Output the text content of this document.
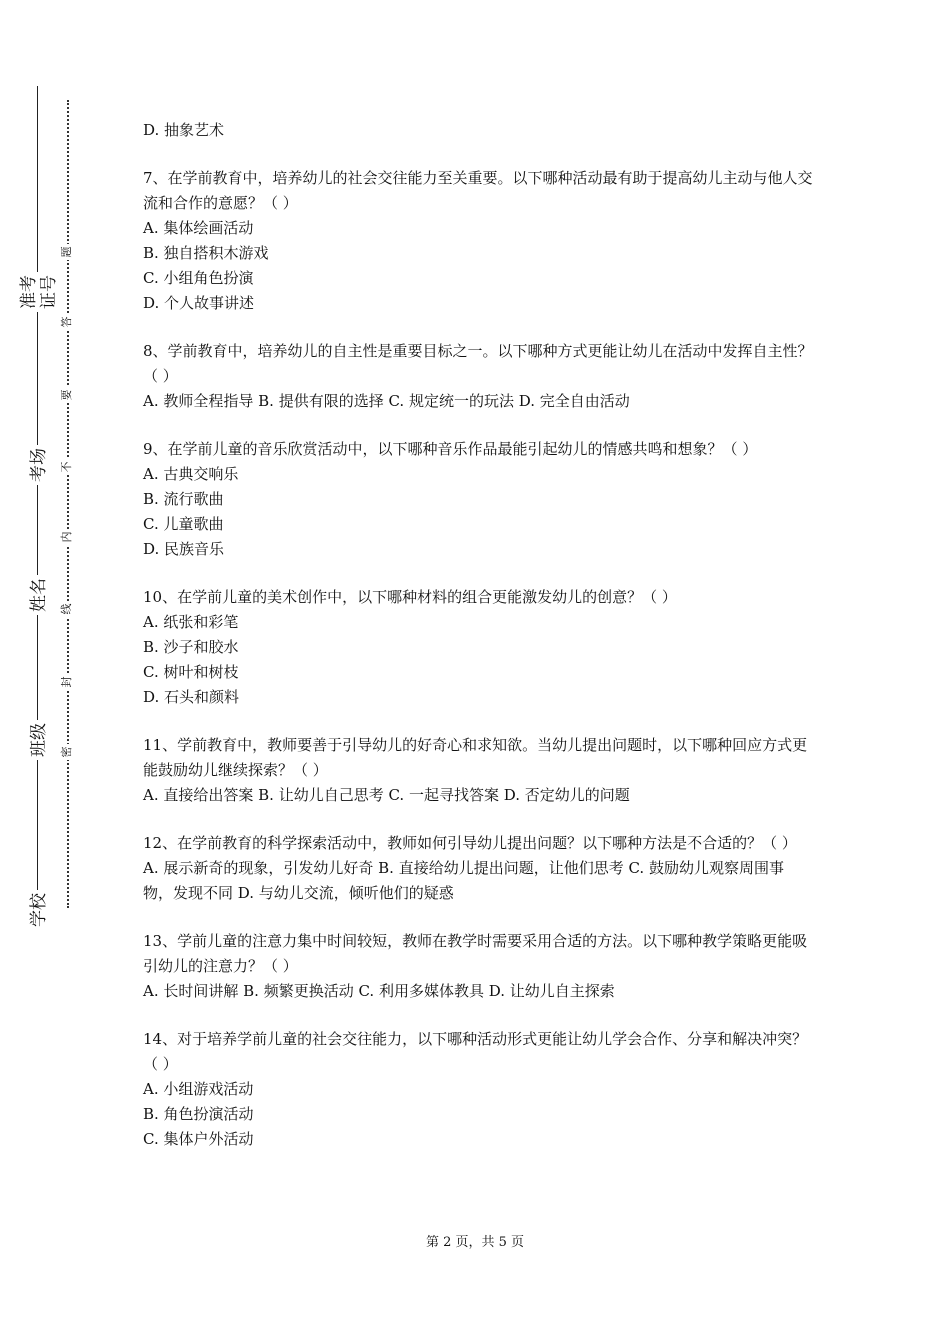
准考证号
考场
姓名
班级
学校
题
答
要
不
内
线
封
密

D. 抽象艺术

7、在学前教育中，培养幼儿的社会交往能力至关重要。以下哪种活动最有助于提高幼儿主动与他人交流和合作的意愿？（ ）

A. 集体绘画活动

B. 独自搭积木游戏

C. 小组角色扮演

D. 个人故事讲述

8、学前教育中，培养幼儿的自主性是重要目标之一。以下哪种方式更能让幼儿在活动中发挥自主性？（ ）

A. 教师全程指导 B. 提供有限的选择 C. 规定统一的玩法 D. 完全自由活动

9、在学前儿童的音乐欣赏活动中，以下哪种音乐作品最能引起幼儿的情感共鸣和想象？（ ）

A. 古典交响乐

B. 流行歌曲

C. 儿童歌曲

D. 民族音乐

10、在学前儿童的美术创作中，以下哪种材料的组合更能激发幼儿的创意？（ ）

A. 纸张和彩笔

B. 沙子和胶水

C. 树叶和树枝

D. 石头和颜料

11、学前教育中，教师要善于引导幼儿的好奇心和求知欲。当幼儿提出问题时，以下哪种回应方式更能鼓励幼儿继续探索？（ ）

A. 直接给出答案 B. 让幼儿自己思考 C. 一起寻找答案 D. 否定幼儿的问题

12、在学前教育的科学探索活动中，教师如何引导幼儿提出问题？以下哪种方法是不合适的？（ ）

A. 展示新奇的现象，引发幼儿好奇 B. 直接给幼儿提出问题，让他们思考 C. 鼓励幼儿观察周围事物，发现不同 D. 与幼儿交流，倾听他们的疑惑

13、学前儿童的注意力集中时间较短，教师在教学时需要采用合适的方法。以下哪种教学策略更能吸引幼儿的注意力？（ ）

A. 长时间讲解 B. 频繁更换活动 C. 利用多媒体教具 D. 让幼儿自主探索

14、对于培养学前儿童的社会交往能力，以下哪种活动形式更能让幼儿学会合作、分享和解决冲突？（ ）

A. 小组游戏活动

B. 角色扮演活动

C. 集体户外活动

第 2 页，共 5 页
